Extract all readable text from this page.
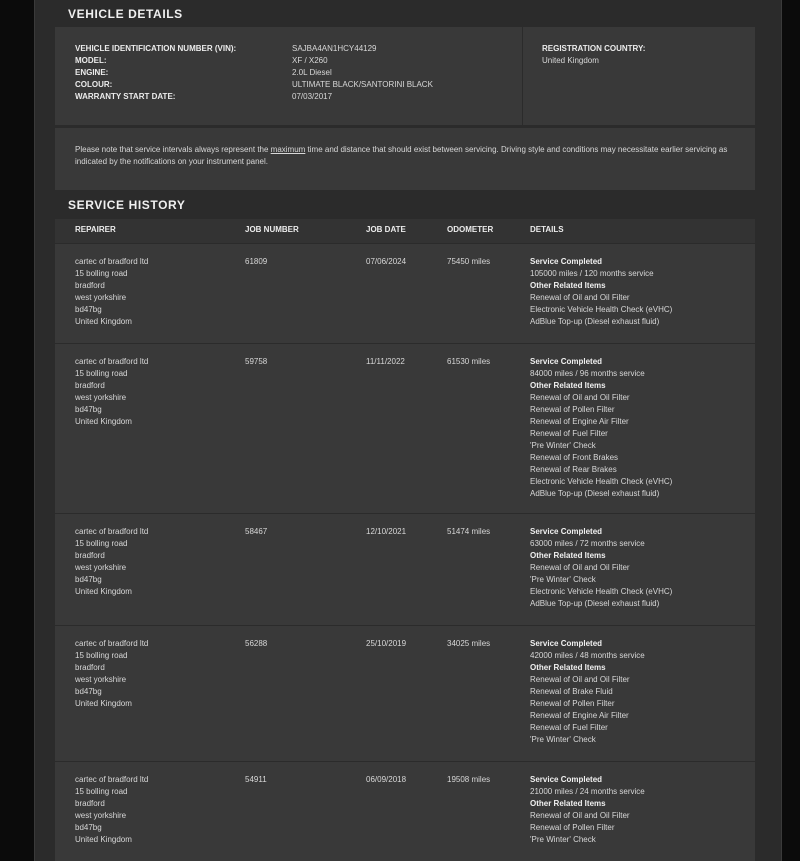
VEHICLE DETAILS
VEHICLE IDENTIFICATION NUMBER (VIN):	SAJBA4AN1HCY44129
MODEL:	XF / X260
ENGINE:	2.0L Diesel
COLOUR:	ULTIMATE BLACK/SANTORINI BLACK
WARRANTY START DATE:	07/03/2017
REGISTRATION COUNTRY:
United Kingdom
Please note that service intervals always represent the maximum time and distance that should exist between servicing. Driving style and conditions may necessitate earlier servicing as indicated by the notifications on your instrument panel.
SERVICE HISTORY
REPAIRER	JOB NUMBER	JOB DATE	ODOMETER	DETAILS
cartec of bradford ltd
15 bolling road
bradford
west yorkshire
bd47bg
United Kingdom
61809	07/06/2024	75450 miles	Service Completed
105000 miles / 120 months service
Other Related Items
Renewal of Oil and Oil Filter
Electronic Vehicle Health Check (eVHC)
AdBlue Top-up (Diesel exhaust fluid)
cartec of bradford ltd
15 bolling road
bradford
west yorkshire
bd47bg
United Kingdom
59758	11/11/2022	61530 miles	Service Completed
84000 miles / 96 months service
Other Related Items
Renewal of Oil and Oil Filter
Renewal of Pollen Filter
Renewal of Engine Air Filter
Renewal of Fuel Filter
'Pre Winter' Check
Renewal of Front Brakes
Renewal of Rear Brakes
Electronic Vehicle Health Check (eVHC)
AdBlue Top-up (Diesel exhaust fluid)
cartec of bradford ltd
15 bolling road
bradford
west yorkshire
bd47bg
United Kingdom
58467	12/10/2021	51474 miles	Service Completed
63000 miles / 72 months service
Other Related Items
Renewal of Oil and Oil Filter
'Pre Winter' Check
Electronic Vehicle Health Check (eVHC)
AdBlue Top-up (Diesel exhaust fluid)
cartec of bradford ltd
15 bolling road
bradford
west yorkshire
bd47bg
United Kingdom
56288	25/10/2019	34025 miles	Service Completed
42000 miles / 48 months service
Other Related Items
Renewal of Oil and Oil Filter
Renewal of Brake Fluid
Renewal of Pollen Filter
Renewal of Engine Air Filter
Renewal of Fuel Filter
'Pre Winter' Check
cartec of bradford ltd
15 bolling road
bradford
west yorkshire
bd47bg
United Kingdom
54911	06/09/2018	19508 miles	Service Completed
21000 miles / 24 months service
Other Related Items
Renewal of Oil and Oil Filter
Renewal of Pollen Filter
'Pre Winter' Check
